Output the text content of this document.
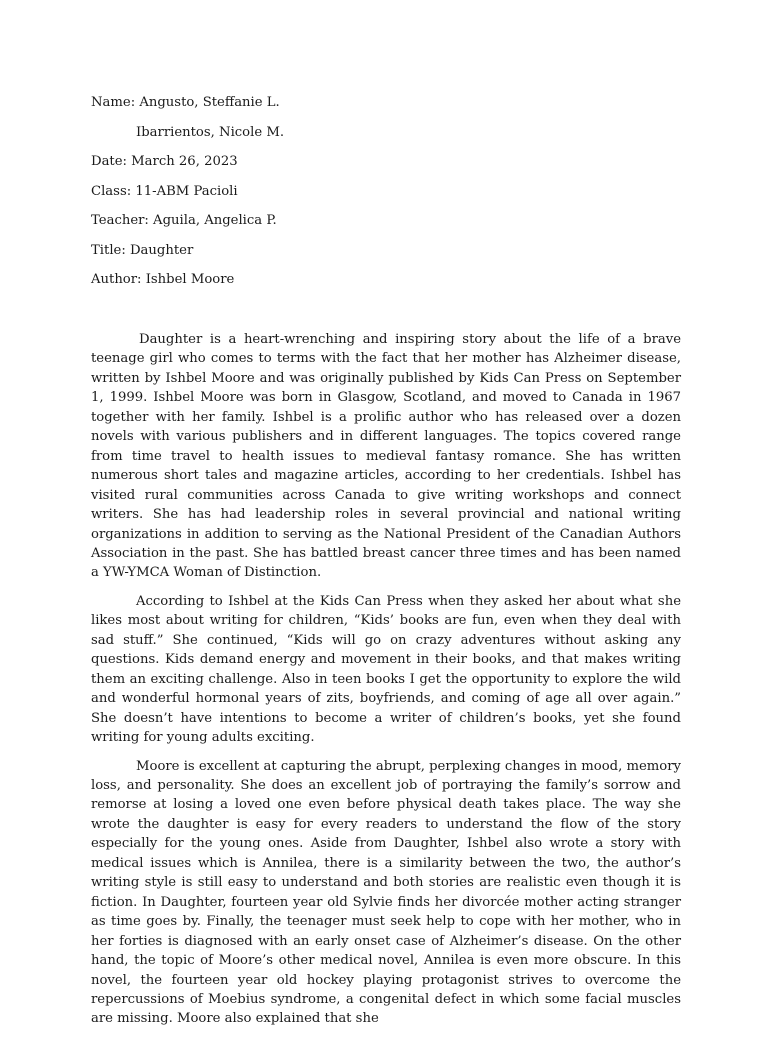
Name: Angusto, Steffanie L.
Ibarrientos, Nicole M.
Date: March 26, 2023
Class: 11-ABM Pacioli
Teacher: Aguila, Angelica P.
Title: Daughter
Author: Ishbel Moore

Daughter is a heart-wrenching and inspiring story about the life of a brave teenage girl who comes to terms with the fact that her mother has Alzheimer disease, written by Ishbel Moore and was originally published by Kids Can Press on September 1, 1999. Ishbel Moore was born in Glasgow, Scotland, and moved to Canada in 1967 together with her family. Ishbel is a prolific author who has released over a dozen novels with various publishers and in different languages. The topics covered range from time travel to health issues to medieval fantasy romance. She has written numerous short tales and magazine articles, according to her credentials. Ishbel has visited rural communities across Canada to give writing workshops and connect writers. She has had leadership roles in several provincial and national writing organizations in addition to serving as the National President of the Canadian Authors Association in the past. She has battled breast cancer three times and has been named a YW-YMCA Woman of Distinction.

According to Ishbel at the Kids Can Press when they asked her about what she likes most about writing for children, “Kids’ books are fun, even when they deal with sad stuff.” She continued, “Kids will go on crazy adventures without asking any questions. Kids demand energy and movement in their books, and that makes writing them an exciting challenge. Also in teen books I get the opportunity to explore the wild and wonderful hormonal years of zits, boyfriends, and coming of age all over again.” She doesn’t have intentions to become a writer of children’s books, yet she found writing for young adults exciting.

Moore is excellent at capturing the abrupt, perplexing changes in mood, memory loss, and personality. She does an excellent job of portraying the family’s sorrow and remorse at losing a loved one even before physical death takes place. The way she wrote the daughter is easy for every readers to understand the flow of the story especially for the young ones. Aside from Daughter, Ishbel also wrote a story with medical issues which is Annilea, there is a similarity between the two, the author’s writing style is still easy to understand and both stories are realistic even though it is fiction. In Daughter, fourteen year old Sylvie finds her divorcée mother acting stranger as time goes by. Finally, the teenager must seek help to cope with her mother, who in her forties is diagnosed with an early onset case of Alzheimer’s disease. On the other hand, the topic of Moore’s other medical novel, Annilea is even more obscure. In this novel, the fourteen year old hockey playing protagonist strives to overcome the repercussions of Moebius syndrome, a congenital defect in which some facial muscles are missing. Moore also explained that she
